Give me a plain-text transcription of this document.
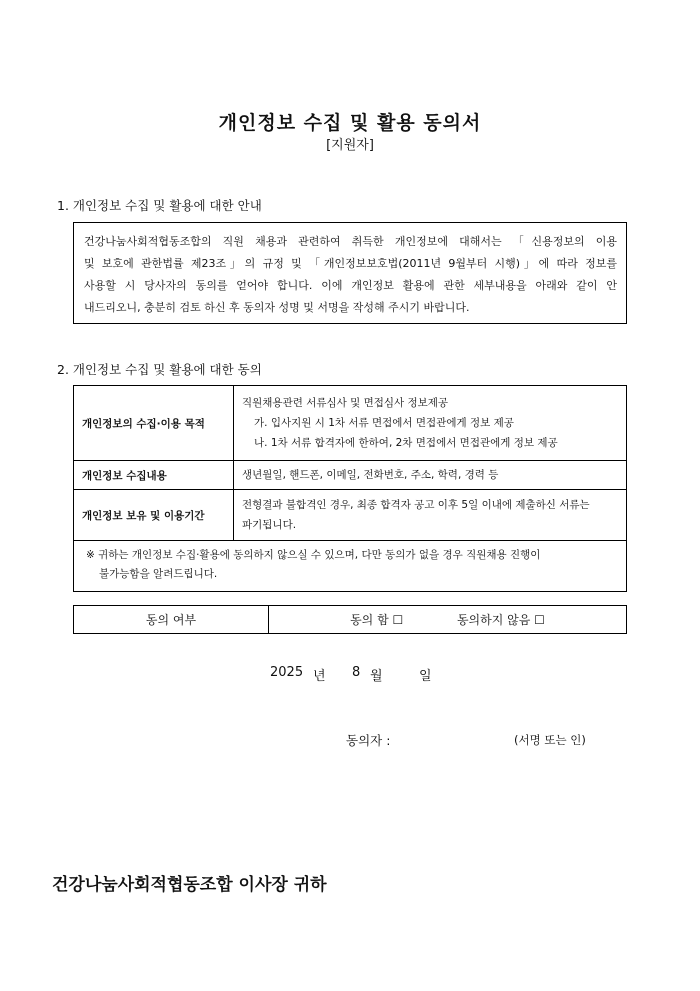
개인정보 수집 및 활용 동의서
[지원자]
1. 개인정보 수집 및 활용에 대한 안내
건강나눔사회적협동조합의 직원 채용과 관련하여 취득한 개인정보에 대해서는 「신용정보의 이용
및 보호에 관한법률 제23조」의 규정 및 「개인정보보호법(2011년 9월부터 시행)」에 따라 정보를
사용할 시 당사자의 동의를 얻어야 합니다. 이에 개인정보 활용에 관한 세부내용을 아래와 같이 안
내드리오니, 충분히 검토 하신 후 동의자 성명 및 서명을 작성해 주시기 바랍니다.
2. 개인정보 수집 및 활용에 대한 동의
개인정보의 수집·이용 목적	직원채용관련 서류심사 및 면접심사 정보제공
가. 입사지원 시 1차 서류 면접에서 면접관에게 정보 제공
나. 1차 서류 합격자에 한하여, 2차 면접에서 면접관에게 정보 제공

개인정보 수집내용	생년월일, 핸드폰, 이메일, 전화번호, 주소, 학력, 경력 등
개인정보 보유 및 이용기간	전형결과 불합격인 경우, 최종 합격자 공고 이후 5일 이내에 제출하신 서류는
파기됩니다.
※ 귀하는 개인정보 수집·활용에 동의하지 않으실 수 있으며, 다만 동의가 없을 경우 직원채용 진행이
불가능함을 알려드립니다.
동의 여부	동의 함 ☐	동의하지 않음 ☐
2025 년 8 월	일
동의자 :	(서명 또는 인)
건강나눔사회적협동조합 이사장 귀하
